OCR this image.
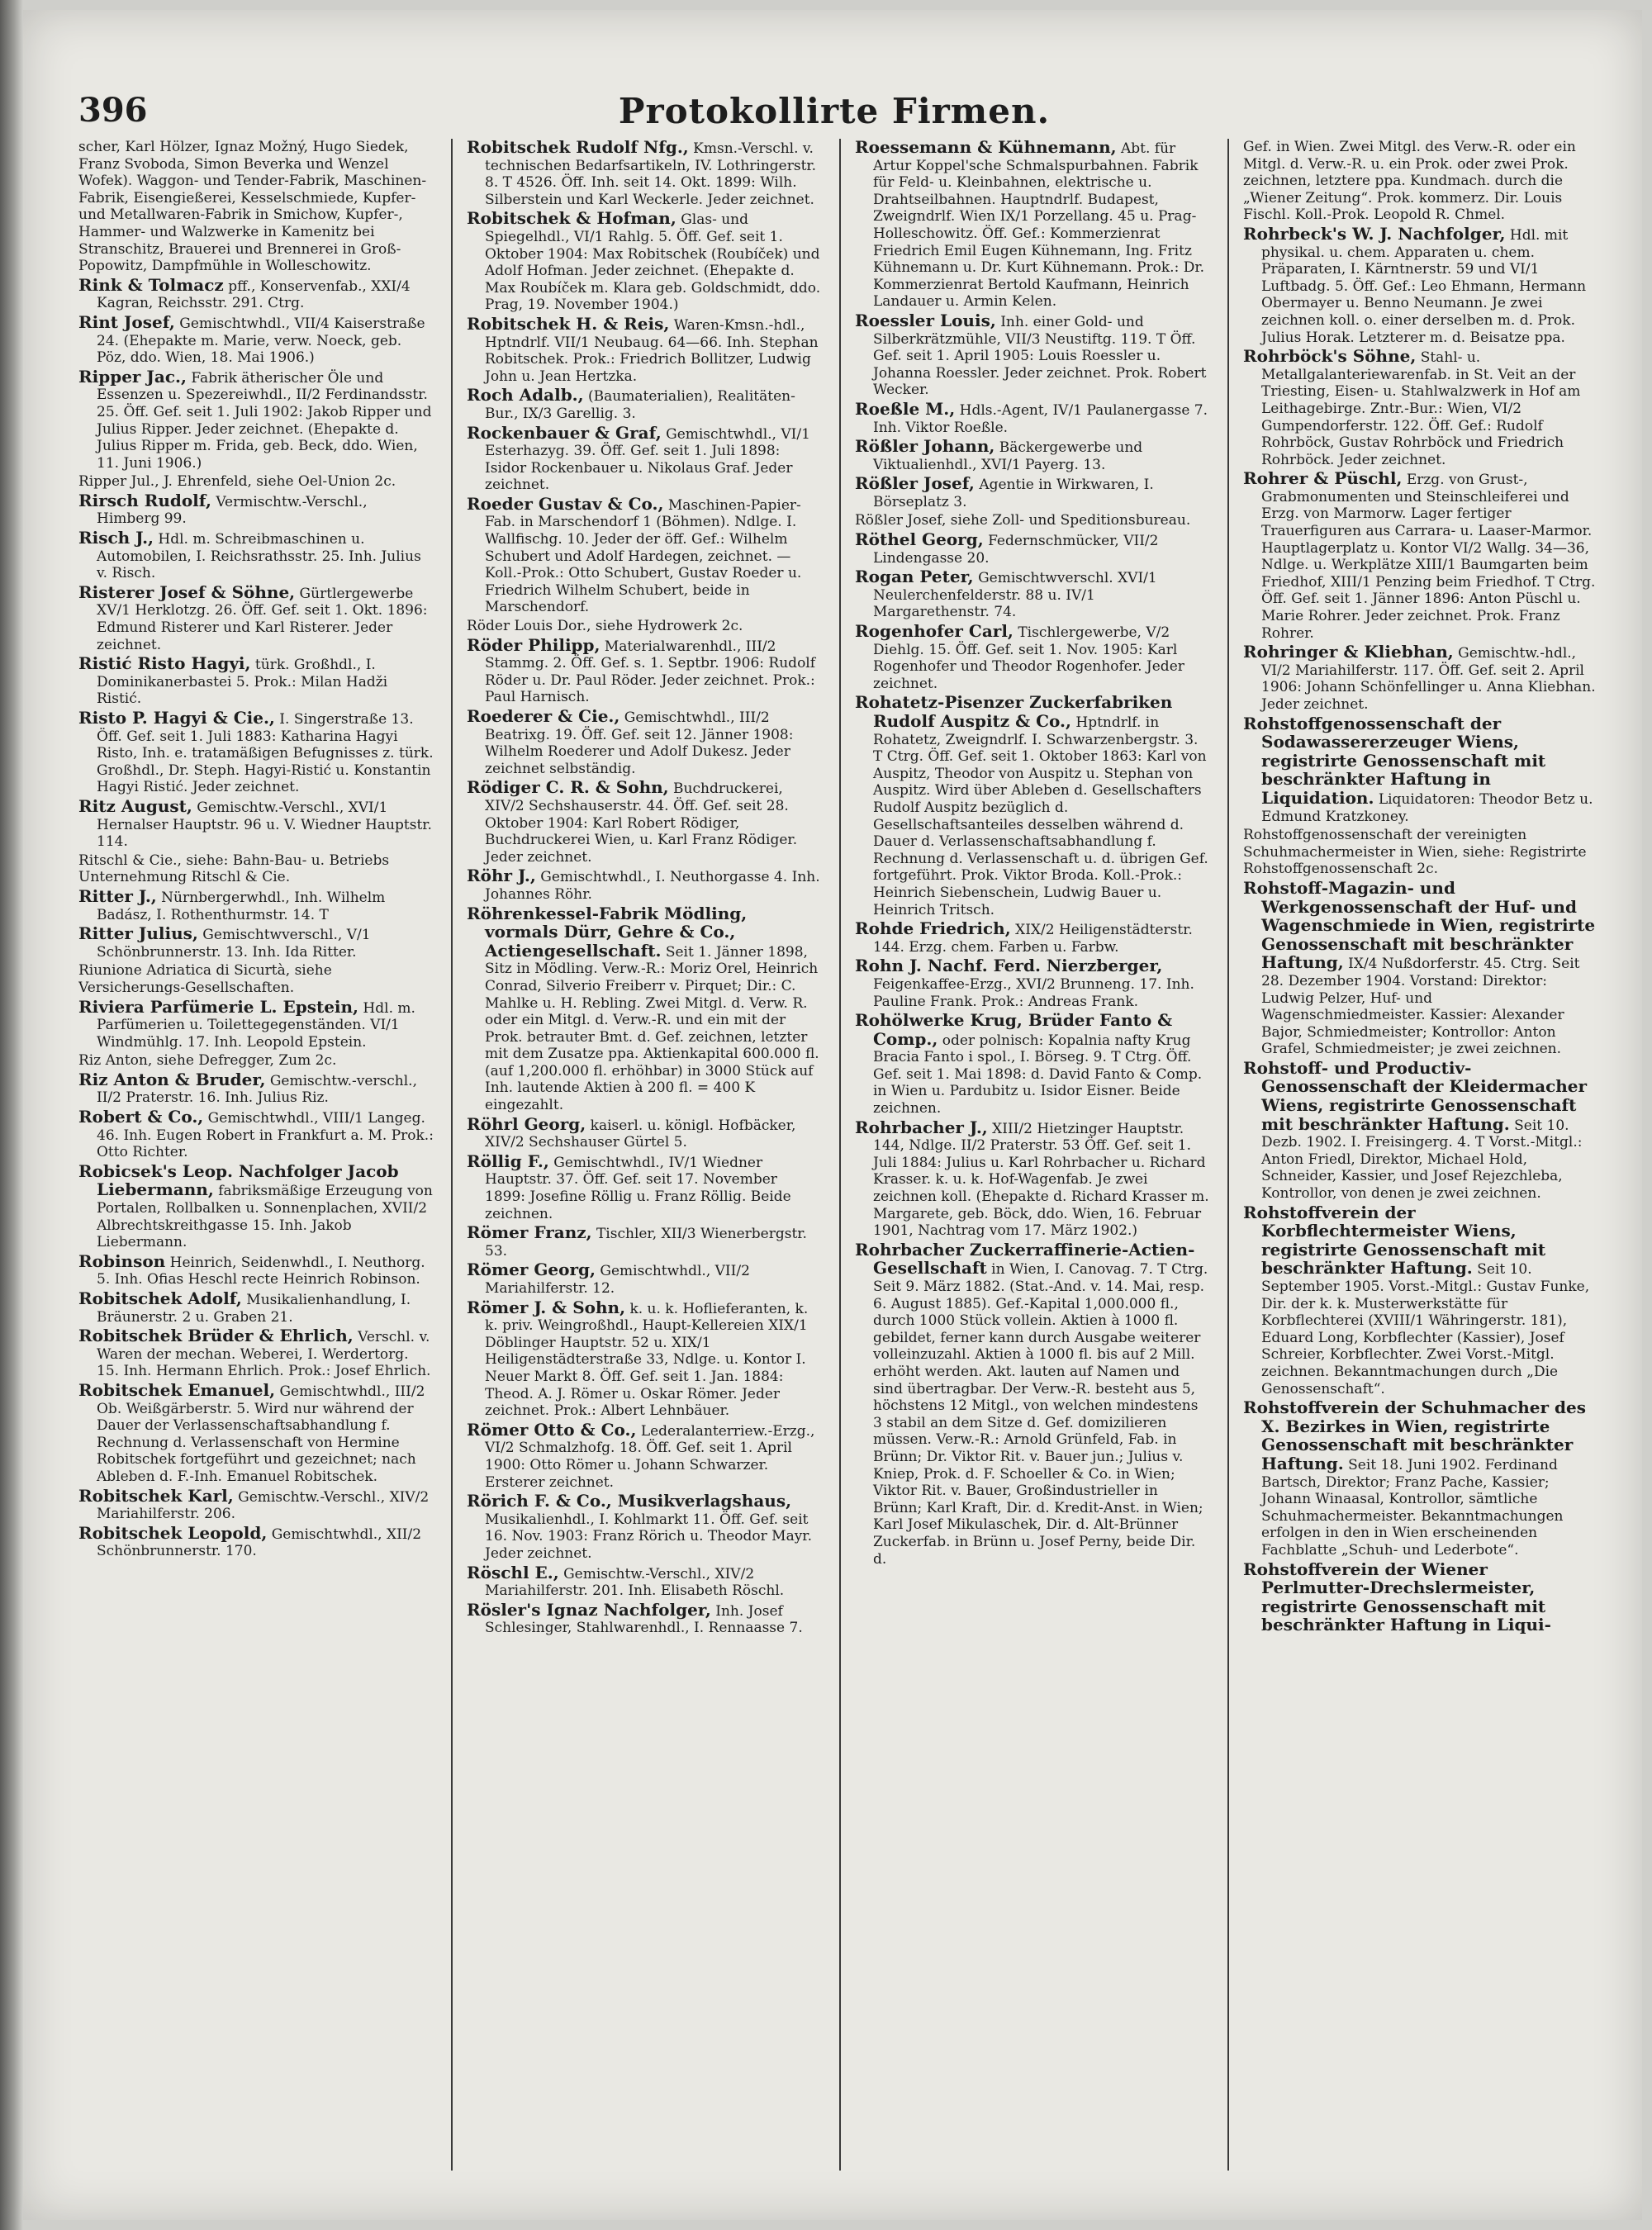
396	Protokollirte Firmen.

scher, Karl Hölzer, Ignaz Možný, Hugo Siedek, Franz Svoboda, Simon Beverka und Wenzel Wofek). Waggon- und Tender-Fabrik, Maschinen-Fabrik, Eisengießerei, Kesselschmiede, Kupfer- und Metallwaren-Fabrik in Smichow, Kupfer-, Hammer- und Walzwerke in Kamenitz bei Stranschitz, Brauerei und Brennerei in Groß-Popowitz, Dampfmühle in Wolleschowitz.

Rink & Tolmacz pff., Konservenfab., XXI/4 Kagran, Reichsstr. 291. Ctrg.

Rint Josef, Gemischtwhdl., VII/4 Kaiserstraße 24. (Ehepakte m. Marie, verw. Noeck, geb. Pöz, ddo. Wien, 18. Mai 1906.)

Ripper Jac., Fabrik ätherischer Öle und Essenzen u. Spezereiwhdl., II/2 Ferdinandsstr. 25. Öff. Gef. seit 1. Juli 1902: Jakob Ripper und Julius Ripper. Jeder zeichnet. (Ehepakte d. Julius Ripper m. Frida, geb. Beck, ddo. Wien, 11. Juni 1906.)

Ripper Jul., J. Ehrenfeld, siehe Oel-Union 2c.

Rirsch Rudolf, Vermischtw.-Verschl., Himberg 99.

Risch J., Hdl. m. Schreibmaschinen u. Automobilen, I. Reichsrathsstr. 25. Inh. Julius v. Risch.

Risterer Josef & Söhne, Gürtlergewerbe XV/1 Herklotzg. 26. Öff. Gef. seit 1. Okt. 1896: Edmund Risterer und Karl Risterer. Jeder zeichnet.

Ristić Risto Hagyi, türk. Großhdl., I. Dominikanerbastei 5. Prok.: Milan Hadži Ristić.

Risto P. Hagyi & Cie., I. Singerstraße 13. Öff. Gef. seit 1. Juli 1883: Katharina Hagyi Risto, Inh. e. tratamäßigen Befugnisses z. türk. Großhdl., Dr. Steph. Hagyi-Ristić u. Konstantin Hagyi Ristić. Jeder zeichnet.

Ritz August, Gemischtw.-Verschl., XVI/1 Hernalser Hauptstr. 96 u. V. Wiedner Hauptstr. 114.

Ritschl & Cie., siehe: Bahn-Bau- u. Betriebs Unternehmung Ritschl & Cie.

Ritter J., Nürnbergerwhdl., Inh. Wilhelm Badász, I. Rothenthurmstr. 14. T

Ritter Julius, Gemischtwverschl., V/1 Schönbrunnerstr. 13. Inh. Ida Ritter.

Riunione Adriatica di Sicurtà, siehe Versicherungs-Gesellschaften.

Riviera Parfümerie L. Epstein, Hdl. m. Parfümerien u. Toilettegegenständen. VI/1 Windmühlg. 17. Inh. Leopold Epstein.

Riz Anton, siehe Defregger, Zum 2c.

Riz Anton & Bruder, Gemischtw.-verschl., II/2 Praterstr. 16. Inh. Julius Riz.

Robert & Co., Gemischtwhdl., VIII/1 Langeg. 46. Inh. Eugen Robert in Frankfurt a. M. Prok.: Otto Richter.

Robicsek's Leop. Nachfolger Jacob Liebermann, fabriksmäßige Erzeugung von Portalen, Rollbalken u. Sonnenplachen, XVII/2 Albrechtskreithgasse 15. Inh. Jakob Liebermann.

Robinson Heinrich, Seidenwhdl., I. Neuthorg. 5. Inh. Ofias Heschl recte Heinrich Robinson.

Robitschek Adolf, Musikalienhandlung, I. Bräunerstr. 2 u. Graben 21.

Robitschek Brüder & Ehrlich, Verschl. v. Waren der mechan. Weberei, I. Werdertorg. 15. Inh. Hermann Ehrlich. Prok.: Josef Ehrlich.

Robitschek Emanuel, Gemischtwhdl., III/2 Ob. Weißgärberstr. 5. Wird nur während der Dauer der Verlassenschaftsabhandlung f. Rechnung d. Verlassenschaft von Hermine Robitschek fortgeführt und gezeichnet; nach Ableben d. F.-Inh. Emanuel Robitschek.

Robitschek Karl, Gemischtw.-Verschl., XIV/2 Mariahilferstr. 206.

Robitschek Leopold, Gemischtwhdl., XII/2 Schönbrunnerstr. 170.

Robitschek Rudolf Nfg., Kmsn.-Verschl. v. technischen Bedarfsartikeln, IV. Lothringerstr. 8. T 4526. Öff. Inh. seit 14. Okt. 1899: Wilh. Silberstein und Karl Weckerle. Jeder zeichnet.

Robitschek & Hofman, Glas- und Spiegelhdl., VI/1 Rahlg. 5. Öff. Gef. seit 1. Oktober 1904: Max Robitschek (Roubíček) und Adolf Hofman. Jeder zeichnet. (Ehepakte d. Max Roubíček m. Klara geb. Goldschmidt, ddo. Prag, 19. November 1904.)

Robitschek H. & Reis, Waren-Kmsn.-hdl., Hptndrlf. VII/1 Neubaug. 64—66. Inh. Stephan Robitschek. Prok.: Friedrich Bollitzer, Ludwig John u. Jean Hertzka.

Roch Adalb., (Baumaterialien), Realitäten-Bur., IX/3 Garellig. 3.

Rockenbauer & Graf, Gemischtwhdl., VI/1 Esterhazyg. 39. Öff. Gef. seit 1. Juli 1898: Isidor Rockenbauer u. Nikolaus Graf. Jeder zeichnet.

Roeder Gustav & Co., Maschinen-Papier-Fab. in Marschendorf 1 (Böhmen). Ndlge. I. Wallfischg. 10. Jeder der öff. Gef.: Wilhelm Schubert und Adolf Hardegen, zeichnet. — Koll.-Prok.: Otto Schubert, Gustav Roeder u. Friedrich Wilhelm Schubert, beide in Marschendorf.

Röder Louis Dor., siehe Hydrowerk 2c.

Röder Philipp, Materialwarenhdl., III/2 Stammg. 2. Öff. Gef. s. 1. Septbr. 1906: Rudolf Röder u. Dr. Paul Röder. Jeder zeichnet. Prok.: Paul Harnisch.

Roederer & Cie., Gemischtwhdl., III/2 Beatrixg. 19. Öff. Gef. seit 12. Jänner 1908: Wilhelm Roederer und Adolf Dukesz. Jeder zeichnet selbständig.

Rödiger C. R. & Sohn, Buchdruckerei, XIV/2 Sechshauserstr. 44. Öff. Gef. seit 28. Oktober 1904: Karl Robert Rödiger, Buchdruckerei Wien, u. Karl Franz Rödiger. Jeder zeichnet.

Röhr J., Gemischtwhdl., I. Neuthorgasse 4. Inh. Johannes Röhr.

Röhrenkessel-Fabrik Mödling, vormals Dürr, Gehre & Co., Actiengesellschaft. Seit 1. Jänner 1898, Sitz in Mödling. Verw.-R.: Moriz Orel, Heinrich Conrad, Silverio Freiberr v. Pirquet; Dir.: C. Mahlke u. H. Rebling. Zwei Mitgl. d. Verw. R. oder ein Mitgl. d. Verw.-R. und ein mit der Prok. betrauter Bmt. d. Gef. zeichnen, letzter mit dem Zusatze ppa. Aktienkapital 600.000 fl. (auf 1,200.000 fl. erhöhbar) in 3000 Stück auf Inh. lautende Aktien à 200 fl. = 400 K eingezahlt.

Röhrl Georg, kaiserl. u. königl. Hofbäcker, XIV/2 Sechshauser Gürtel 5.

Röllig F., Gemischtwhdl., IV/1 Wiedner Hauptstr. 37. Öff. Gef. seit 17. November 1899: Josefine Röllig u. Franz Röllig. Beide zeichnen.

Römer Franz, Tischler, XII/3 Wienerbergstr. 53.

Römer Georg, Gemischtwhdl., VII/2 Mariahilferstr. 12.

Römer J. & Sohn, k. u. k. Hoflieferanten, k. k. priv. Weingroßhdl., Haupt-Kellereien XIX/1 Döblinger Hauptstr. 52 u. XIX/1 Heiligenstädterstraße 33, Ndlge. u. Kontor I. Neuer Markt 8. Öff. Gef. seit 1. Jan. 1884: Theod. A. J. Römer u. Oskar Römer. Jeder zeichnet. Prok.: Albert Lehnbäuer.

Römer Otto & Co., Lederalanterriew.-Erzg., VI/2 Schmalzhofg. 18. Öff. Gef. seit 1. April 1900: Otto Römer u. Johann Schwarzer. Ersterer zeichnet.

Rörich F. & Co., Musikverlagshaus, Musikalienhdl., I. Kohlmarkt 11. Öff. Gef. seit 16. Nov. 1903: Franz Rörich u. Theodor Mayr. Jeder zeichnet.

Röschl E., Gemischtw.-Verschl., XIV/2 Mariahilferstr. 201. Inh. Elisabeth Röschl.

Rösler's Ignaz Nachfolger, Inh. Josef Schlesinger, Stahlwarenhdl., I. Rennaasse 7.

Roessemann & Kühnemann, Abt. für Artur Koppel'sche Schmalspurbahnen. Fabrik für Feld- u. Kleinbahnen, elektrische u. Drahtseilbahnen. Hauptndrlf. Budapest, Zweigndrlf. Wien IX/1 Porzellang. 45 u. Prag-Holleschowitz. Öff. Gef.: Kommerzienrat Friedrich Emil Eugen Kühnemann, Ing. Fritz Kühnemann u. Dr. Kurt Kühnemann. Prok.: Dr. Kommerzienrat Bertold Kaufmann, Heinrich Landauer u. Armin Kelen.

Roessler Louis, Inh. einer Gold- und Silberkrätzmühle, VII/3 Neustiftg. 119. T Öff. Gef. seit 1. April 1905: Louis Roessler u. Johanna Roessler. Jeder zeichnet. Prok. Robert Wecker.

Roeßle M., Hdls.-Agent, IV/1 Paulanergasse 7. Inh. Viktor Roeßle.

Rößler Johann, Bäckergewerbe und Viktualienhdl., XVI/1 Payerg. 13.

Rößler Josef, Agentie in Wirkwaren, I. Börseplatz 3.

Rößler Josef, siehe Zoll- und Speditionsbureau.

Röthel Georg, Federnschmücker, VII/2 Lindengasse 20.

Rogan Peter, Gemischtwverschl. XVI/1 Neulerchenfelderstr. 88 u. IV/1 Margarethenstr. 74.

Rogenhofer Carl, Tischlergewerbe, V/2 Diehlg. 15. Öff. Gef. seit 1. Nov. 1905: Karl Rogenhofer und Theodor Rogenhofer. Jeder zeichnet.

Rohatetz-Pisenzer Zuckerfabriken Rudolf Auspitz & Co., Hptndrlf. in Rohatetz, Zweigndrlf. I. Schwarzenbergstr. 3. T Ctrg. Öff. Gef. seit 1. Oktober 1863: Karl von Auspitz, Theodor von Auspitz u. Stephan von Auspitz. Wird über Ableben d. Gesellschafters Rudolf Auspitz bezüglich d. Gesellschaftsanteiles desselben während d. Dauer d. Verlassenschaftsabhandlung f. Rechnung d. Verlassenschaft u. d. übrigen Gef. fortgeführt. Prok. Viktor Broda. Koll.-Prok.: Heinrich Siebenschein, Ludwig Bauer u. Heinrich Tritsch.

Rohde Friedrich, XIX/2 Heiligenstädterstr. 144. Erzg. chem. Farben u. Farbw.

Rohn J. Nachf. Ferd. Nierzberger, Feigenkaffee-Erzg., XVI/2 Brunneng. 17. Inh. Pauline Frank. Prok.: Andreas Frank.

Rohölwerke Krug, Brüder Fanto & Comp., oder polnisch: Kopalnia nafty Krug Bracia Fanto i spol., I. Börseg. 9. T Ctrg. Öff. Gef. seit 1. Mai 1898: d. David Fanto & Comp. in Wien u. Pardubitz u. Isidor Eisner. Beide zeichnen.

Rohrbacher J., XIII/2 Hietzinger Hauptstr. 144, Ndlge. II/2 Praterstr. 53 Öff. Gef. seit 1. Juli 1884: Julius u. Karl Rohrbacher u. Richard Krasser. k. u. k. Hof-Wagenfab. Je zwei zeichnen koll. (Ehepakte d. Richard Krasser m. Margarete, geb. Böck, ddo. Wien, 16. Februar 1901, Nachtrag vom 17. März 1902.)

Rohrbacher Zuckerraffinerie-Actien-Gesellschaft in Wien, I. Canovag. 7. T Ctrg. Seit 9. März 1882. (Stat.-And. v. 14. Mai, resp. 6. August 1885). Gef.-Kapital 1,000.000 fl., durch 1000 Stück vollein. Aktien à 1000 fl. gebildet, ferner kann durch Ausgabe weiterer volleinzuzahl. Aktien à 1000 fl. bis auf 2 Mill. erhöht werden. Akt. lauten auf Namen und sind übertragbar. Der Verw.-R. besteht aus 5, höchstens 12 Mitgl., von welchen mindestens 3 stabil an dem Sitze d. Gef. domizilieren müssen. Verw.-R.: Arnold Grünfeld, Fab. in Brünn; Dr. Viktor Rit. v. Bauer jun.; Julius v. Kniep, Prok. d. F. Schoeller & Co. in Wien; Viktor Rit. v. Bauer, Großindustrieller in Brünn; Karl Kraft, Dir. d. Kredit-Anst. in Wien; Karl Josef Mikulaschek, Dir. d. Alt-Brünner Zuckerfab. in Brünn u. Josef Perny, beide Dir. d.

Gef. in Wien. Zwei Mitgl. des Verw.-R. oder ein Mitgl. d. Verw.-R. u. ein Prok. oder zwei Prok. zeichnen, letztere ppa. Kundmach. durch die „Wiener Zeitung“. Prok. kommerz. Dir. Louis Fischl. Koll.-Prok. Leopold R. Chmel.

Rohrbeck's W. J. Nachfolger, Hdl. mit physikal. u. chem. Apparaten u. chem. Präparaten, I. Kärntnerstr. 59 und VI/1 Luftbadg. 5. Öff. Gef.: Leo Ehmann, Hermann Obermayer u. Benno Neumann. Je zwei zeichnen koll. o. einer derselben m. d. Prok. Julius Horak. Letzterer m. d. Beisatze ppa.

Rohrböck's Söhne, Stahl- u. Metallgalanteriewarenfab. in St. Veit an der Triesting, Eisen- u. Stahlwalzwerk in Hof am Leithagebirge. Zntr.-Bur.: Wien, VI/2 Gumpendorferstr. 122. Öff. Gef.: Rudolf Rohrböck, Gustav Rohrböck und Friedrich Rohrböck. Jeder zeichnet.

Rohrer & Püschl, Erzg. von Grust-, Grabmonumenten und Steinschleiferei und Erzg. von Marmorw. Lager fertiger Trauerfiguren aus Carrara- u. Laaser-Marmor. Hauptlagerplatz u. Kontor VI/2 Wallg. 34—36, Ndlge. u. Werkplätze XIII/1 Baumgarten beim Friedhof, XIII/1 Penzing beim Friedhof. T Ctrg. Öff. Gef. seit 1. Jänner 1896: Anton Püschl u. Marie Rohrer. Jeder zeichnet. Prok. Franz Rohrer.

Rohringer & Kliebhan, Gemischtw.-hdl., VI/2 Mariahilferstr. 117. Öff. Gef. seit 2. April 1906: Johann Schönfellinger u. Anna Kliebhan. Jeder zeichnet.

Rohstoffgenossenschaft der Sodawassererzeuger Wiens, registrirte Genossenschaft mit beschränkter Haftung in Liquidation. Liquidatoren: Theodor Betz u. Edmund Kratzkoney.

Rohstoffgenossenschaft der vereinigten Schuhmachermeister in Wien, siehe: Registrirte Rohstoffgenossenschaft 2c.

Rohstoff-Magazin- und Werkgenossenschaft der Huf- und Wagenschmiede in Wien, registrirte Genossenschaft mit beschränkter Haftung, IX/4 Nußdorferstr. 45. Ctrg. Seit 28. Dezember 1904. Vorstand: Direktor: Ludwig Pelzer, Huf- und Wagenschmiedmeister. Kassier: Alexander Bajor, Schmiedmeister; Kontrollor: Anton Grafel, Schmiedmeister; je zwei zeichnen.

Rohstoff- und Productiv-Genossenschaft der Kleidermacher Wiens, registrirte Genossenschaft mit beschränkter Haftung. Seit 10. Dezb. 1902. I. Freisingerg. 4. T Vorst.-Mitgl.: Anton Friedl, Direktor, Michael Hold, Schneider, Kassier, und Josef Rejezchleba, Kontrollor, von denen je zwei zeichnen.

Rohstoffverein der Korbflechtermeister Wiens, registrirte Genossenschaft mit beschränkter Haftung. Seit 10. September 1905. Vorst.-Mitgl.: Gustav Funke, Dir. der k. k. Musterwerkstätte für Korbflechterei (XVIII/1 Währingerstr. 181), Eduard Long, Korbflechter (Kassier), Josef Schreier, Korbflechter. Zwei Vorst.-Mitgl. zeichnen. Bekanntmachungen durch „Die Genossenschaft“.

Rohstoffverein der Schuhmacher des X. Bezirkes in Wien, registrirte Genossenschaft mit beschränkter Haftung. Seit 18. Juni 1902. Ferdinand Bartsch, Direktor; Franz Pache, Kassier; Johann Winaasal, Kontrollor, sämtliche Schuhmachermeister. Bekanntmachungen erfolgen in den in Wien erscheinenden Fachblatte „Schuh- und Lederbote“.

Rohstoffverein der Wiener Perlmutter-Drechslermeister, registrirte Genossenschaft mit beschränkter Haftung in Liqui-
